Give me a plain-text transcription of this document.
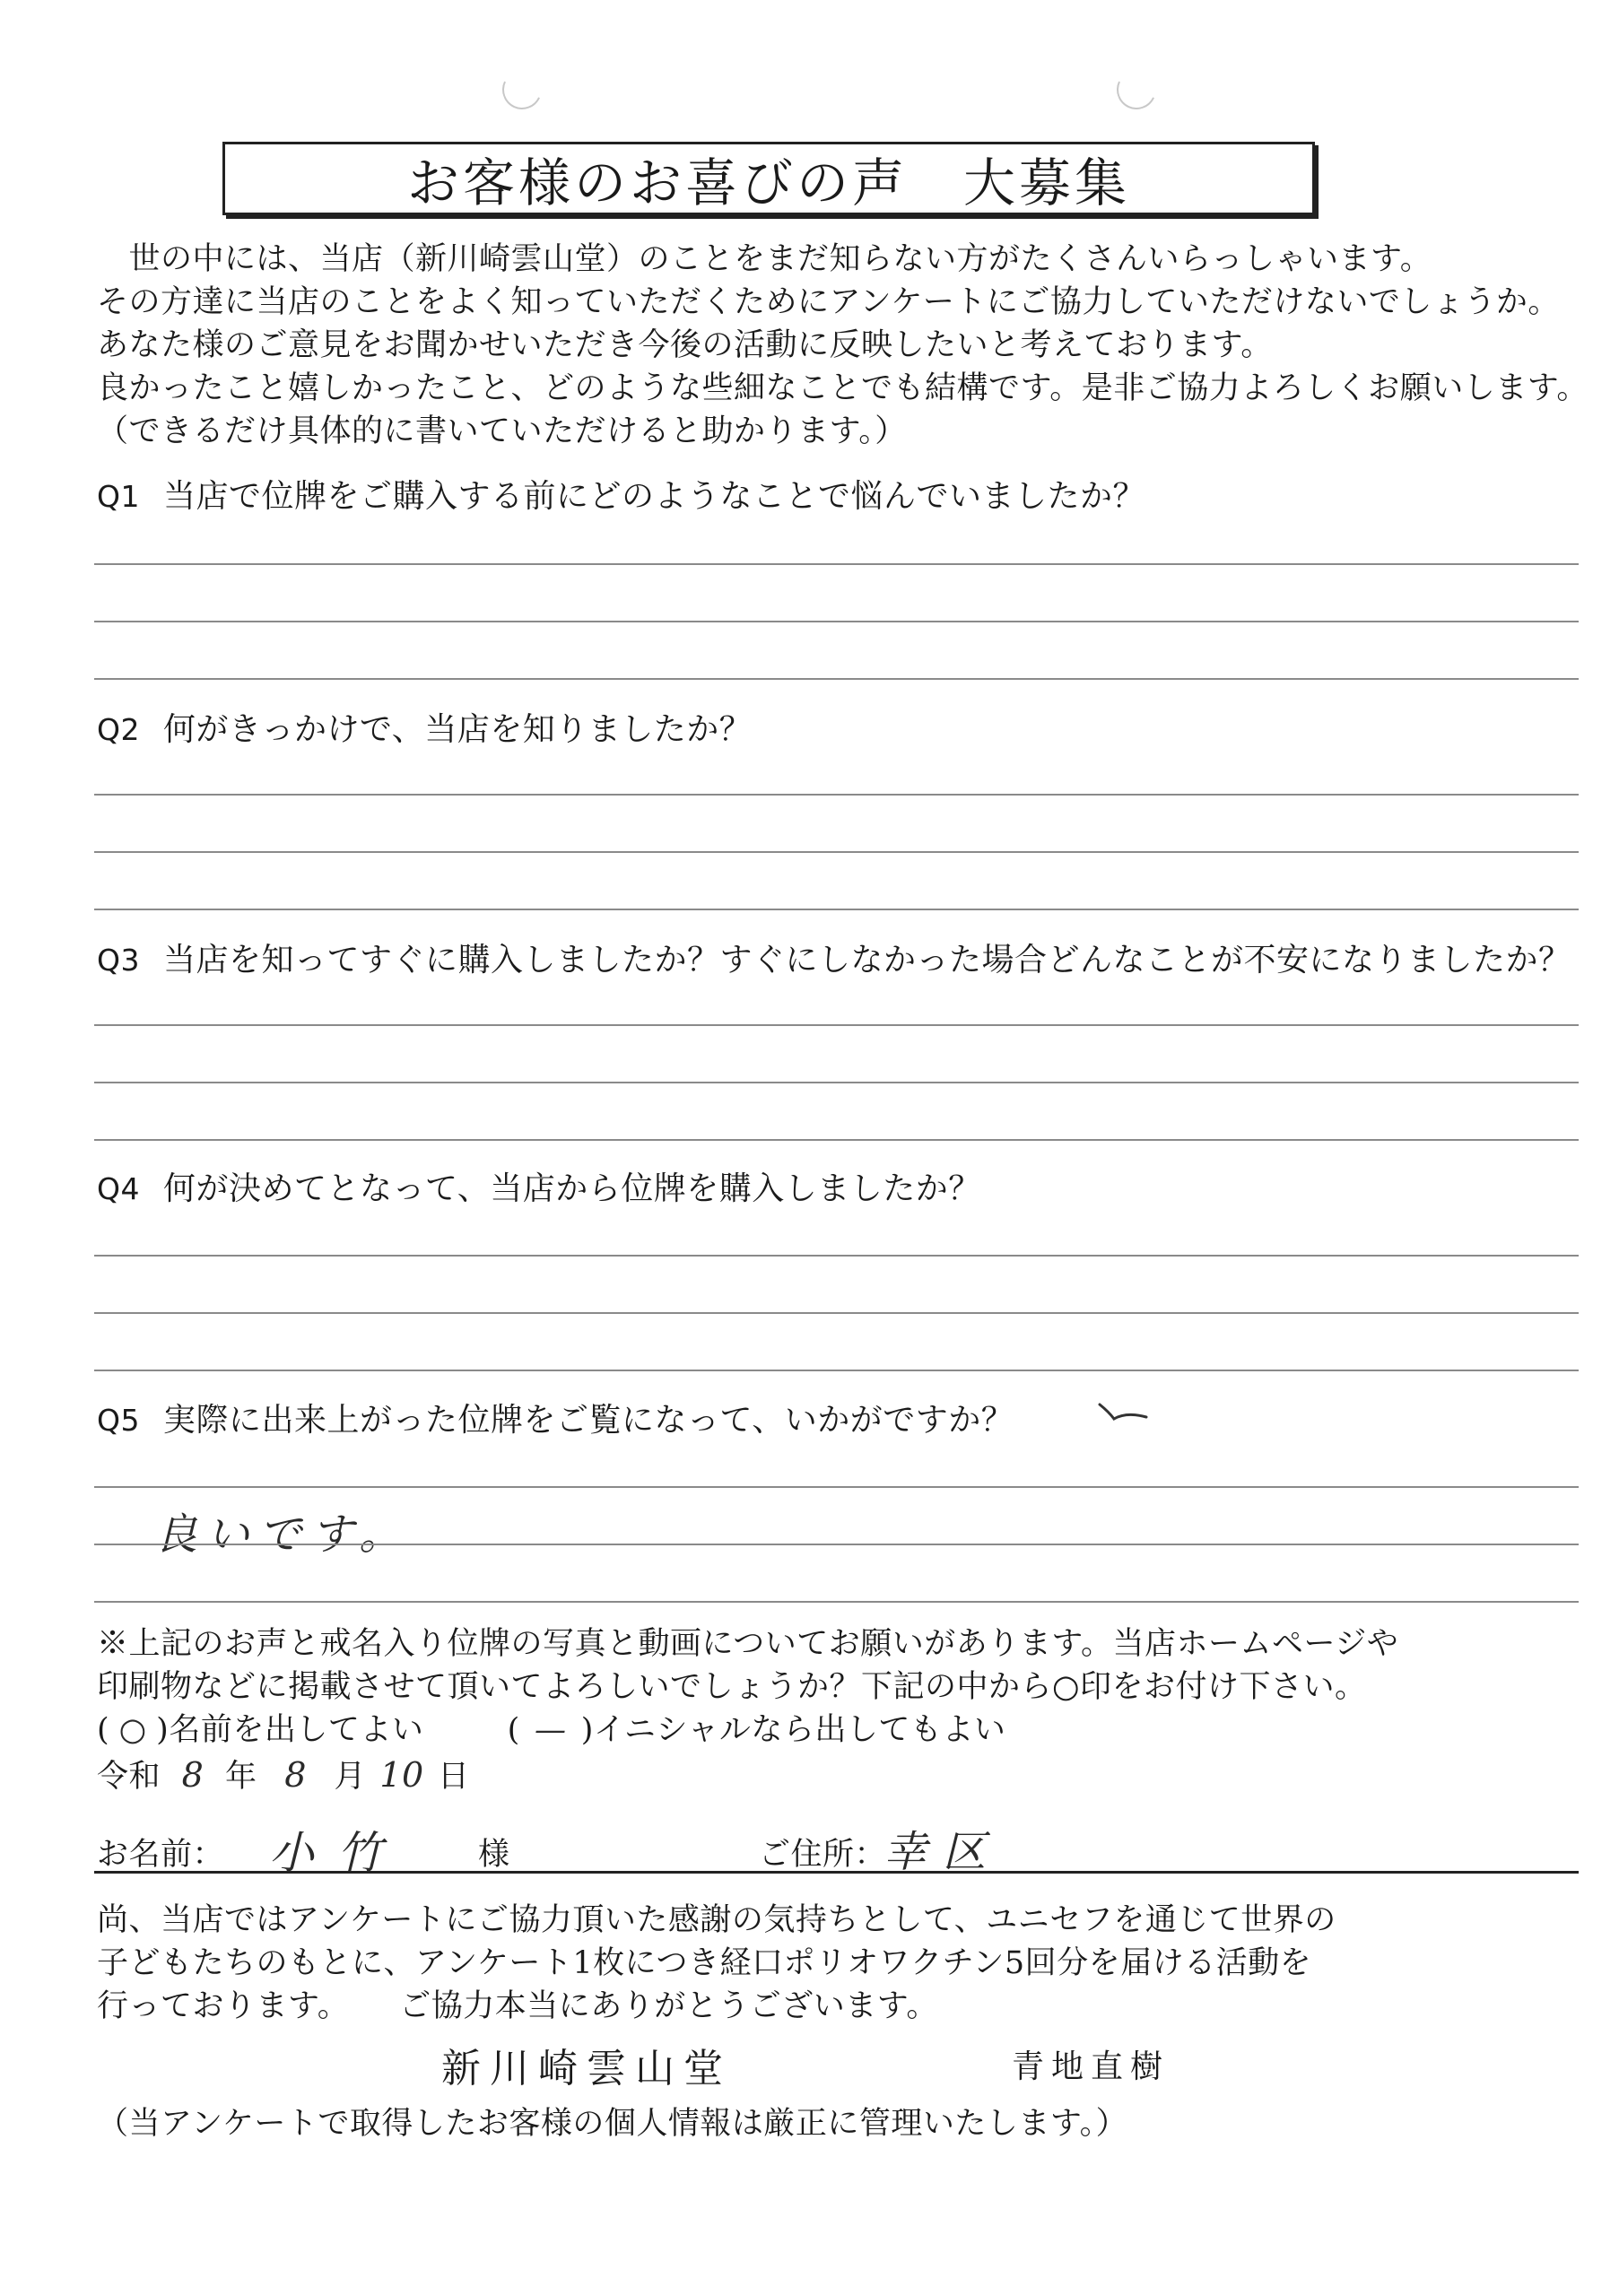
お客様のお喜びの声　大募集
　世の中には、当店（新川崎雲山堂）のことをまだ知らない方がたくさんいらっしゃいます。
その方達に当店のことをよく知っていただくためにアンケートにご協力していただけないでしょうか。
あなた様のご意見をお聞かせいただき今後の活動に反映したいと考えております。
良かったこと嬉しかったこと、どのような些細なことでも結構です。是非ご協力よろしくお願いします。
（できるだけ具体的に書いていただけると助かります。）
Q1 当店で位牌をご購入する前にどのようなことで悩んでいましたか？
Q2 何がきっかけで、当店を知りましたか？
Q3 当店を知ってすぐに購入しましたか？すぐにしなかった場合どんなことが不安になりましたか？
Q4 何が決めてとなって、当店から位牌を購入しましたか？
Q5 実際に出来上がった位牌をご覧になって、いかがですか？
良いです。
※上記のお声と戒名入り位牌の写真と動画についてお願いがあります。当店ホームページや
印刷物などに掲載させて頂いてよろしいでしょうか？下記の中から○印をお付け下さい。
( ○ )名前を出してよい	( — )イニシャルなら出してもよい
令和 8 年 8 月 10 日
お名前： 小竹 様	ご住所：
幸区
尚、当店ではアンケートにご協力頂いた感謝の気持ちとして、ユニセフを通じて世界の
子どもたちのもとに、アンケート1枚につき経口ポリオワクチン5回分を届ける活動を
行っております。 ご協力本当にありがとうございます。
新川崎雲山堂	青地直樹
（当アンケートで取得したお客様の個人情報は厳正に管理いたします。）
